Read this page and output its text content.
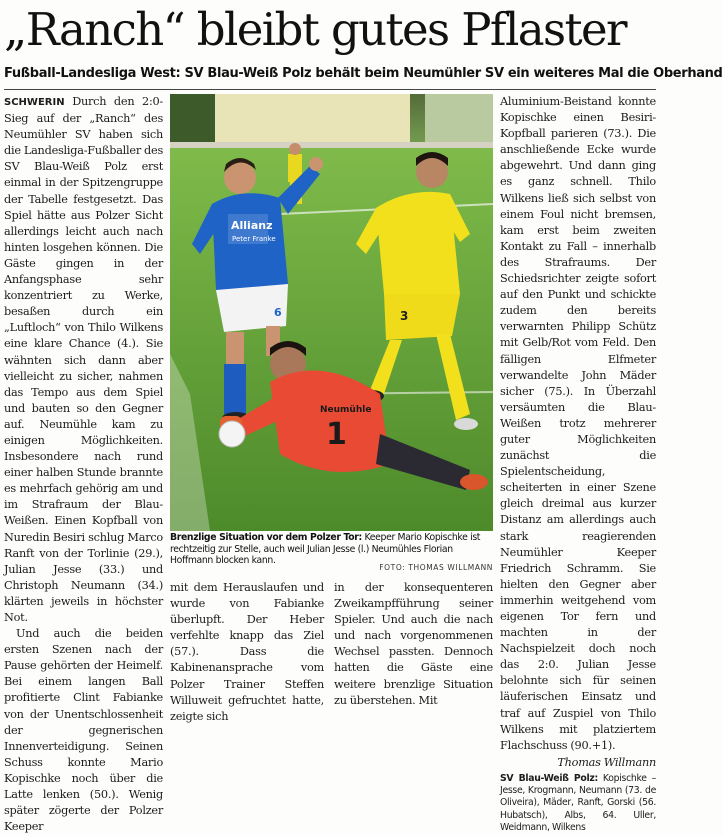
„Ranch“ bleibt gutes Pflaster
Fußball-Landesliga West: SV Blau-Weiß Polz behält beim Neumühler SV ein weiteres Mal die Oberhand

SCHWERIN Durch den 2:0-Sieg auf der „Ranch“ des Neumühler SV haben sich die Landesliga-Fußballer des SV Blau-Weiß Polz erst einmal in der Spitzengruppe der Tabelle festgesetzt. Das Spiel hätte aus Polzer Sicht allerdings leicht auch nach hinten losgehen können. Die Gäste gingen in der Anfangsphase sehr konzentriert zu Werke, besaßen durch ein „Luftloch“ von Thilo Wilkens eine klare Chance (4.). Sie wähnten sich dann aber vielleicht zu sicher, nahmen das Tempo aus dem Spiel und bauten so den Gegner auf. Neumühle kam zu einigen Möglichkeiten. Insbesondere nach rund einer halben Stunde brannte es mehrfach gehörig am und im Strafraum der Blau-Weißen. Einen Kopfball von Nuredin Besiri schlug Marco Ranft von der Torlinie (29.), Julian Jesse (33.) und Christoph Neumann (34.) klärten jeweils in höchster Not.

Und auch die beiden ersten Szenen nach der Pause gehörten der Heimelf. Bei einem langen Ball profitierte Clint Fabianke von der Unentschlossenheit der gegnerischen Innenverteidigung. Seinen Schuss konnte Mario Kopischke noch über die Latte lenken (50.). Wenig später zögerte der Polzer Keeper

Allianz
Peter Franke
6	3
1
Neumühle
Brenzlige Situation vor dem Polzer Tor: Keeper Mario Kopischke ist rechtzeitig zur Stelle, auch weil Julian Jesse (l.) Neumühles Florian Hoffmann blocken kann.
FOTO: THOMAS WILLMANN

mit dem Herauslaufen und wurde von Fabianke überlupft. Der Heber verfehlte knapp das Ziel (57.). Dass die Kabinenansprache vom Polzer Trainer Steffen Willuweit gefruchtet hatte, zeigte sich

in der konsequenteren Zweikampfführung seiner Spieler. Und auch die nach und nach vorgenommenen Wechsel passten. Dennoch hatten die Gäste eine weitere brenzlige Situation zu überstehen. Mit

Aluminium-Beistand konnte Kopischke einen Besiri-Kopfball parieren (73.). Die anschließende Ecke wurde abgewehrt. Und dann ging es ganz schnell. Thilo Wilkens ließ sich selbst von einem Foul nicht bremsen, kam erst beim zweiten Kontakt zu Fall – innerhalb des Strafraums. Der Schiedsrichter zeigte sofort auf den Punkt und schickte zudem den bereits verwarnten Philipp Schütz mit Gelb/Rot vom Feld. Den fälligen Elfmeter verwandelte John Mäder sicher (75.). In Überzahl versäumten die Blau-Weißen trotz mehrerer guter Möglichkeiten zunächst die Spielentscheidung, scheiterten in einer Szene gleich dreimal aus kurzer Distanz am allerdings auch stark reagierenden Neumühler Keeper Friedrich Schramm. Sie hielten den Gegner aber immerhin weitgehend vom eigenen Tor fern und machten in der Nachspielzeit doch noch das 2:0. Julian Jesse belohnte sich für seinen läuferischen Einsatz und traf auf Zuspiel von Thilo Wilkens mit platziertem Flachschuss (90.+1).

Thomas Willmann

SV Blau-Weiß Polz: Kopischke – Jesse, Krogmann, Neumann (73. de Oliveira), Mäder, Ranft, Gorski (56. Hubatsch), Albs, 64. Uller, Weidmann, Wilkens
